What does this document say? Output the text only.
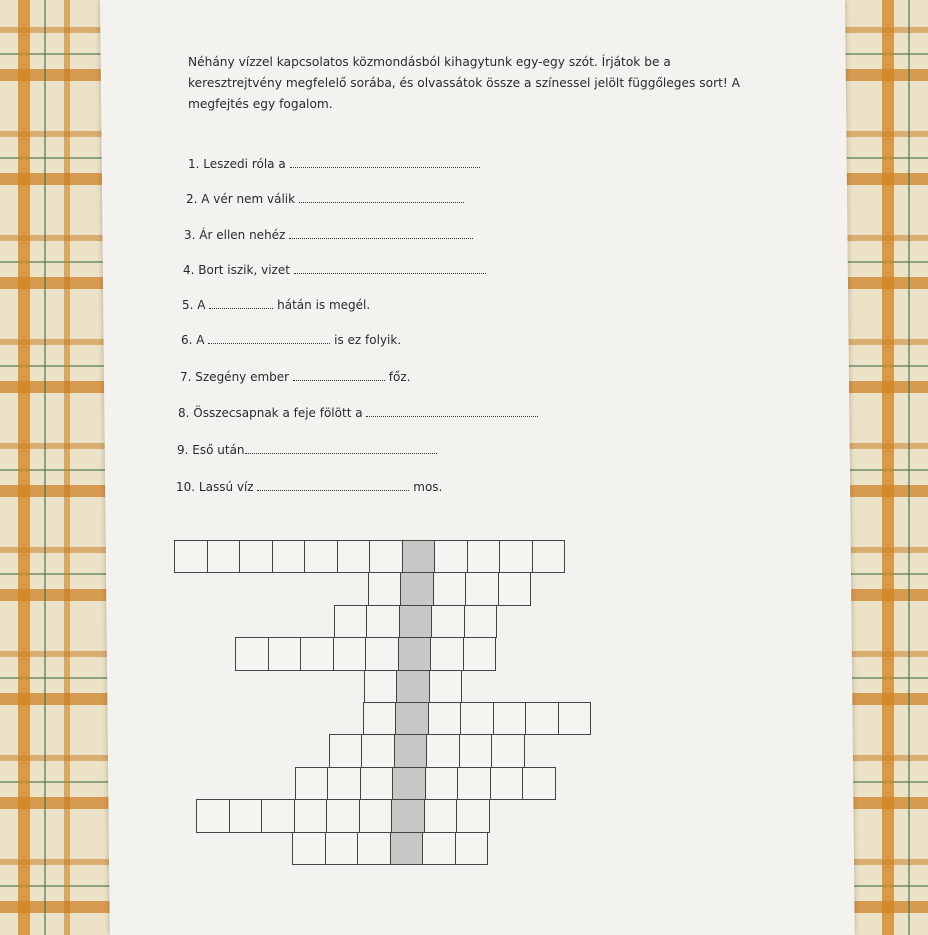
Néhány vízzel kapcsolatos közmondásból kihagytunk egy-egy szót. Írjátok be a keresztrejtvény megfelelő sorába, és olvassátok össze a színessel jelölt függőleges sort! A megfejtés egy fogalom.

1. Leszedi róla a
2. A vér nem válik
3. Ár ellen nehéz
4. Bort iszik, vizet
5. A	hátán is megél.
6. A	is ez folyik.
7. Szegény ember	főz.
8. Összecsapnak a feje fölött a
9. Eső után
10. Lassú víz	mos.
